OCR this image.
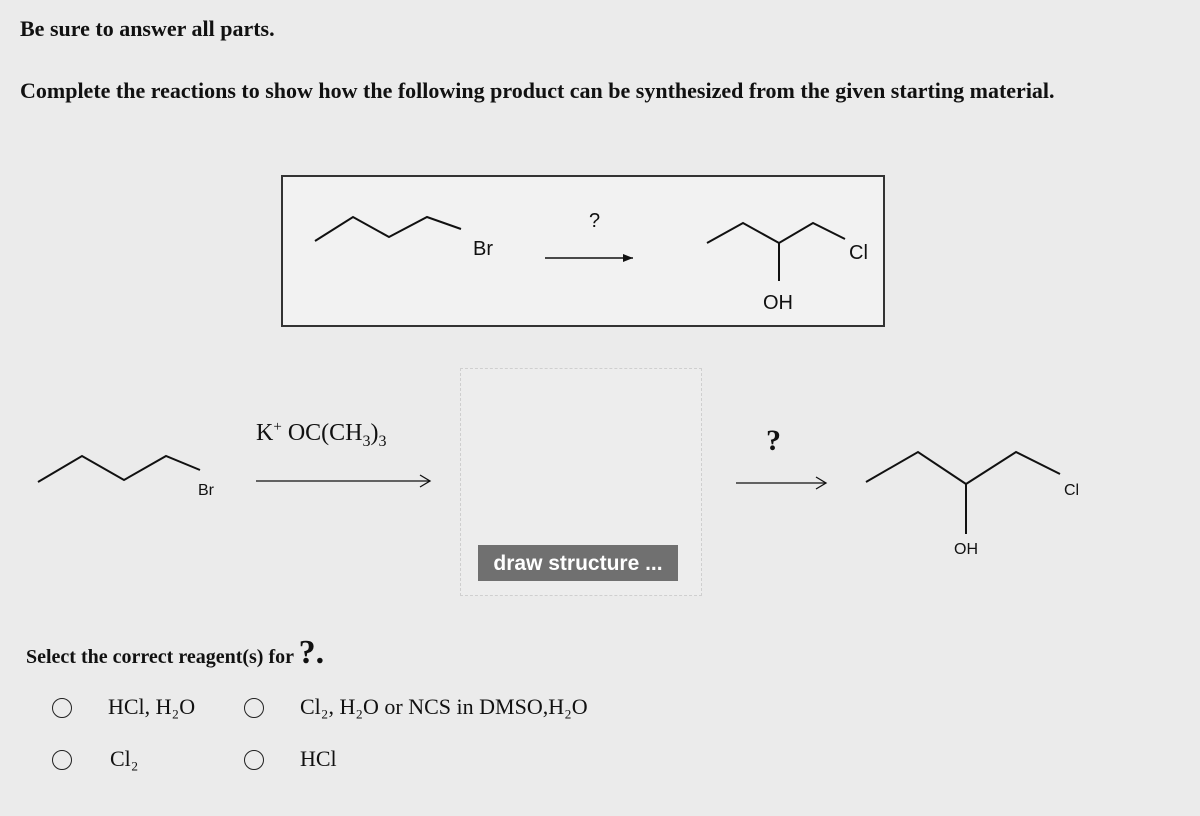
Be sure to answer all parts.
Complete the reactions to show how the following product can be synthesized from the given starting material.
Br
?
Cl
OH
Br
K+ $OC(CH_3)_3$	?
Cl
OH
draw structure ...
Select the correct reagent(s) for ?.
HCl, H₂O	Cl₂, H₂O or NCS in DMSO,H₂O
Cl₂	HCl
